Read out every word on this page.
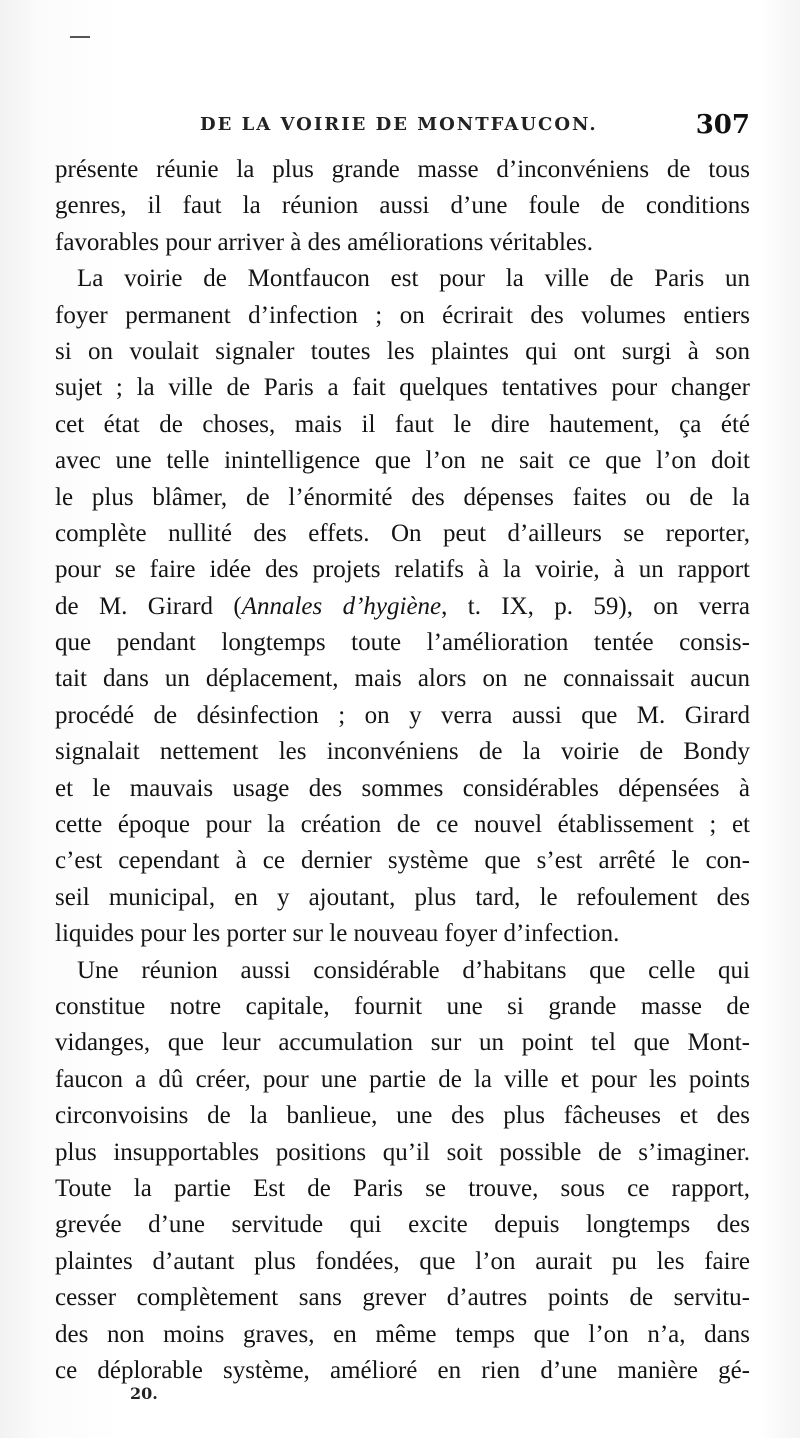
DE LA VOIRIE DE MONTFAUCON.	307
présente réunie la plus grande masse d’inconvéniens de tous
genres, il faut la réunion aussi d’une foule de conditions
favorables pour arriver à des améliorations véritables.
La voirie de Montfaucon est pour la ville de Paris un
foyer permanent d’infection ; on écrirait des volumes entiers
si on voulait signaler toutes les plaintes qui ont surgi à son
sujet ; la ville de Paris a fait quelques tentatives pour changer
cet état de choses, mais il faut le dire hautement, ça été
avec une telle inintelligence que l’on ne sait ce que l’on doit
le plus blâmer, de l’énormité des dépenses faites ou de la
complète nullité des effets. On peut d’ailleurs se reporter,
pour se faire idée des projets relatifs à la voirie, à un rapport
de M. Girard (Annales d’hygiène, t. IX, p. 59), on verra
que pendant longtemps toute l’amélioration tentée consis-
tait dans un déplacement, mais alors on ne connaissait aucun
procédé de désinfection ; on y verra aussi que M. Girard
signalait nettement les inconvéniens de la voirie de Bondy
et le mauvais usage des sommes considérables dépensées à
cette époque pour la création de ce nouvel établissement ; et
c’est cependant à ce dernier système que s’est arrêté le con-
seil municipal, en y ajoutant, plus tard, le refoulement des
liquides pour les porter sur le nouveau foyer d’infection.
Une réunion aussi considérable d’habitans que celle qui
constitue notre capitale, fournit une si grande masse de
vidanges, que leur accumulation sur un point tel que Mont-
faucon a dû créer, pour une partie de la ville et pour les points
circonvoisins de la banlieue, une des plus fâcheuses et des
plus insupportables positions qu’il soit possible de s’imaginer.
Toute la partie Est de Paris se trouve, sous ce rapport,
grevée d’une servitude qui excite depuis longtemps des
plaintes d’autant plus fondées, que l’on aurait pu les faire
cesser complètement sans grever d’autres points de servitu-
des non moins graves, en même temps que l’on n’a, dans
ce déplorable système, amélioré en rien d’une manière gé-
20.
